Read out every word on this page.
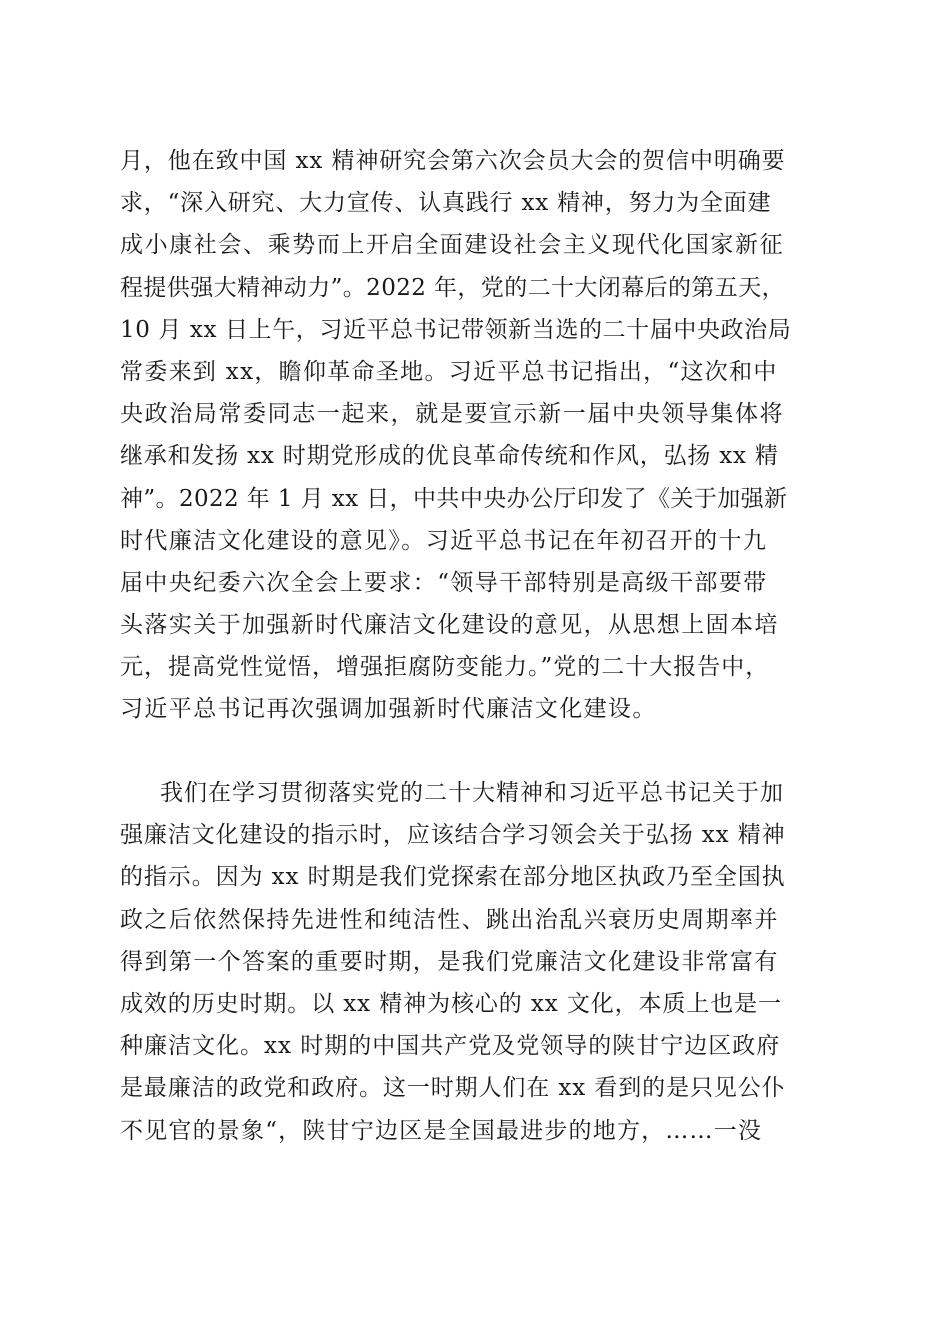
月，他在致中国 xx 精神研究会第六次会员大会的贺信中明确要
求，“深入研究、大力宣传、认真践行 xx 精神，努力为全面建
成小康社会、乘势而上开启全面建设社会主义现代化国家新征
程提供强大精神动力”。2022 年，党的二十大闭幕后的第五天，
10 月 xx 日上午，习近平总书记带领新当选的二十届中央政治局
常委来到 xx，瞻仰革命圣地。习近平总书记指出，“这次和中
央政治局常委同志一起来，就是要宣示新一届中央领导集体将
继承和发扬 xx 时期党形成的优良革命传统和作风，弘扬 xx 精
神”。2022 年 1 月 xx 日，中共中央办公厅印发了《关于加强新
时代廉洁文化建设的意见》。习近平总书记在年初召开的十九
届中央纪委六次全会上要求：“领导干部特别是高级干部要带
头落实关于加强新时代廉洁文化建设的意见，从思想上固本培
元，提高党性觉悟，增强拒腐防变能力。”党的二十大报告中，
习近平总书记再次强调加强新时代廉洁文化建设。
我们在学习贯彻落实党的二十大精神和习近平总书记关于加
强廉洁文化建设的指示时，应该结合学习领会关于弘扬 xx 精神
的指示。因为 xx 时期是我们党探索在部分地区执政乃至全国执
政之后依然保持先进性和纯洁性、跳出治乱兴衰历史周期率并
得到第一个答案的重要时期，是我们党廉洁文化建设非常富有
成效的历史时期。以 xx 精神为核心的 xx 文化，本质上也是一
种廉洁文化。xx 时期的中国共产党及党领导的陕甘宁边区政府
是最廉洁的政党和政府。这一时期人们在 xx 看到的是只见公仆
不见官的景象“，陕甘宁边区是全国最进步的地方，……一没
